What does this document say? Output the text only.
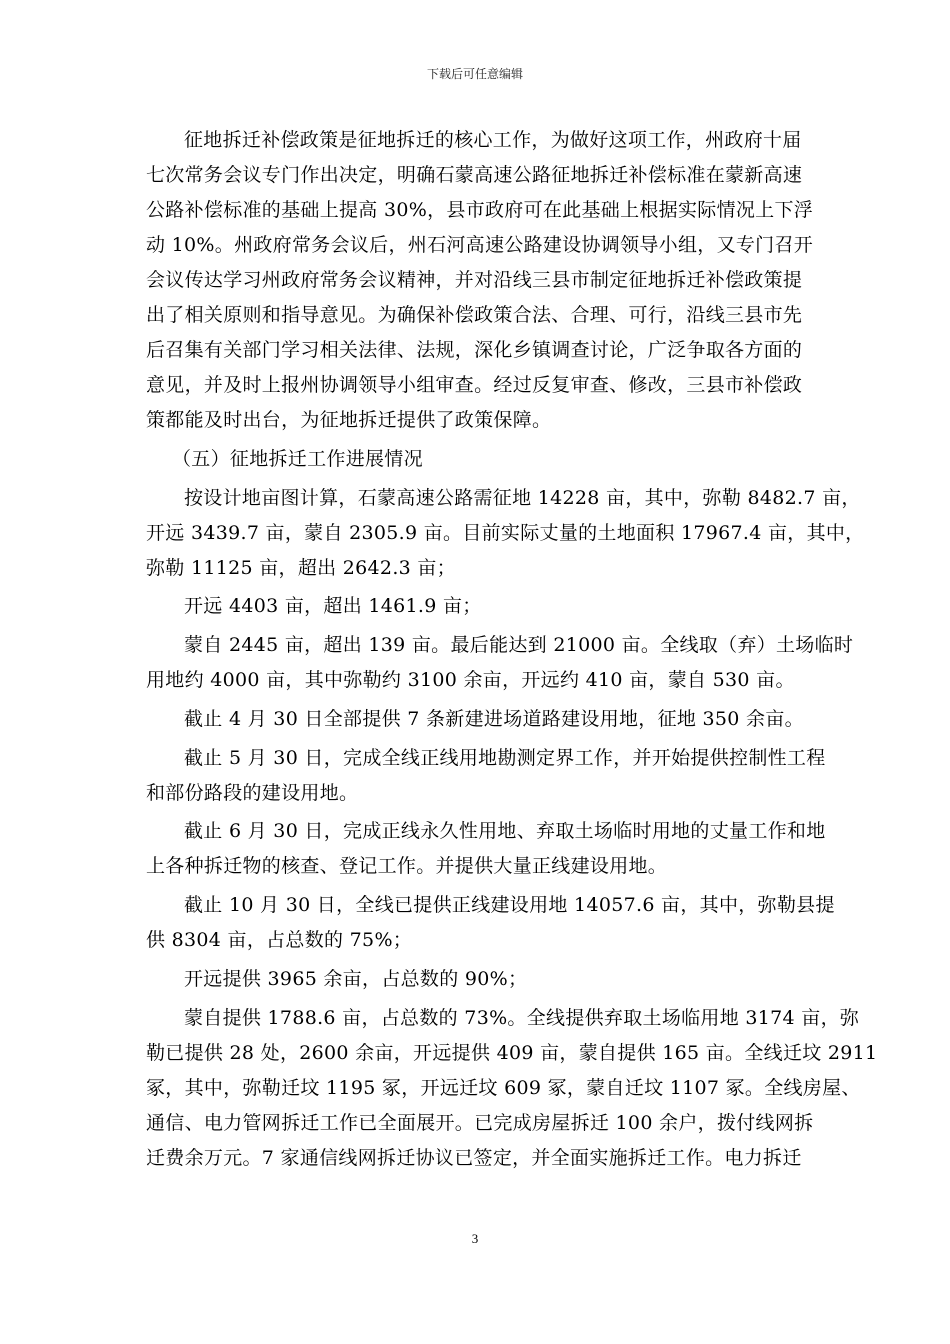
下载后可任意编辑
征地拆迁补偿政策是征地拆迁的核心工作，为做好这项工作，州政府十届
七次常务会议专门作出决定，明确石蒙高速公路征地拆迁补偿标准在蒙新高速
公路补偿标准的基础上提高 30%，县市政府可在此基础上根据实际情况上下浮
动 10%。州政府常务会议后，州石河高速公路建设协调领导小组，又专门召开
会议传达学习州政府常务会议精神，并对沿线三县市制定征地拆迁补偿政策提
出了相关原则和指导意见。为确保补偿政策合法、合理、可行，沿线三县市先
后召集有关部门学习相关法律、法规，深化乡镇调查讨论，广泛争取各方面的
意见，并及时上报州协调领导小组审查。经过反复审查、修改，三县市补偿政
策都能及时出台，为征地拆迁提供了政策保障。
（五）征地拆迁工作进展情况
按设计地亩图计算，石蒙高速公路需征地 14228 亩，其中，弥勒 8482.7 亩，
开远 3439.7 亩，蒙自 2305.9 亩。目前实际丈量的土地面积 17967.4 亩，其中，
弥勒 11125 亩，超出 2642.3 亩；
开远 4403 亩，超出 1461.9 亩；
蒙自 2445 亩，超出 139 亩。最后能达到 21000 亩。全线取（弃）土场临时
用地约 4000 亩，其中弥勒约 3100 余亩，开远约 410 亩，蒙自 530 亩。
截止 4 月 30 日全部提供 7 条新建进场道路建设用地，征地 350 余亩。
截止 5 月 30 日，完成全线正线用地勘测定界工作，并开始提供控制性工程
和部份路段的建设用地。
截止 6 月 30 日，完成正线永久性用地、弃取土场临时用地的丈量工作和地
上各种拆迁物的核查、登记工作。并提供大量正线建设用地。
截止 10 月 30 日，全线已提供正线建设用地 14057.6 亩，其中，弥勒县提
供 8304 亩，占总数的 75%；
开远提供 3965 余亩，占总数的 90%；
蒙自提供 1788.6 亩，占总数的 73%。全线提供弃取土场临用地 3174 亩，弥
勒已提供 28 处，2600 余亩，开远提供 409 亩，蒙自提供 165 亩。全线迁坟 2911
冢，其中，弥勒迁坟 1195 冢，开远迁坟 609 冢，蒙自迁坟 1107 冢。全线房屋、
通信、电力管网拆迁工作已全面展开。已完成房屋拆迁 100 余户，拨付线网拆
迁费余万元。7 家通信线网拆迁协议已签定，并全面实施拆迁工作。电力拆迁
3
